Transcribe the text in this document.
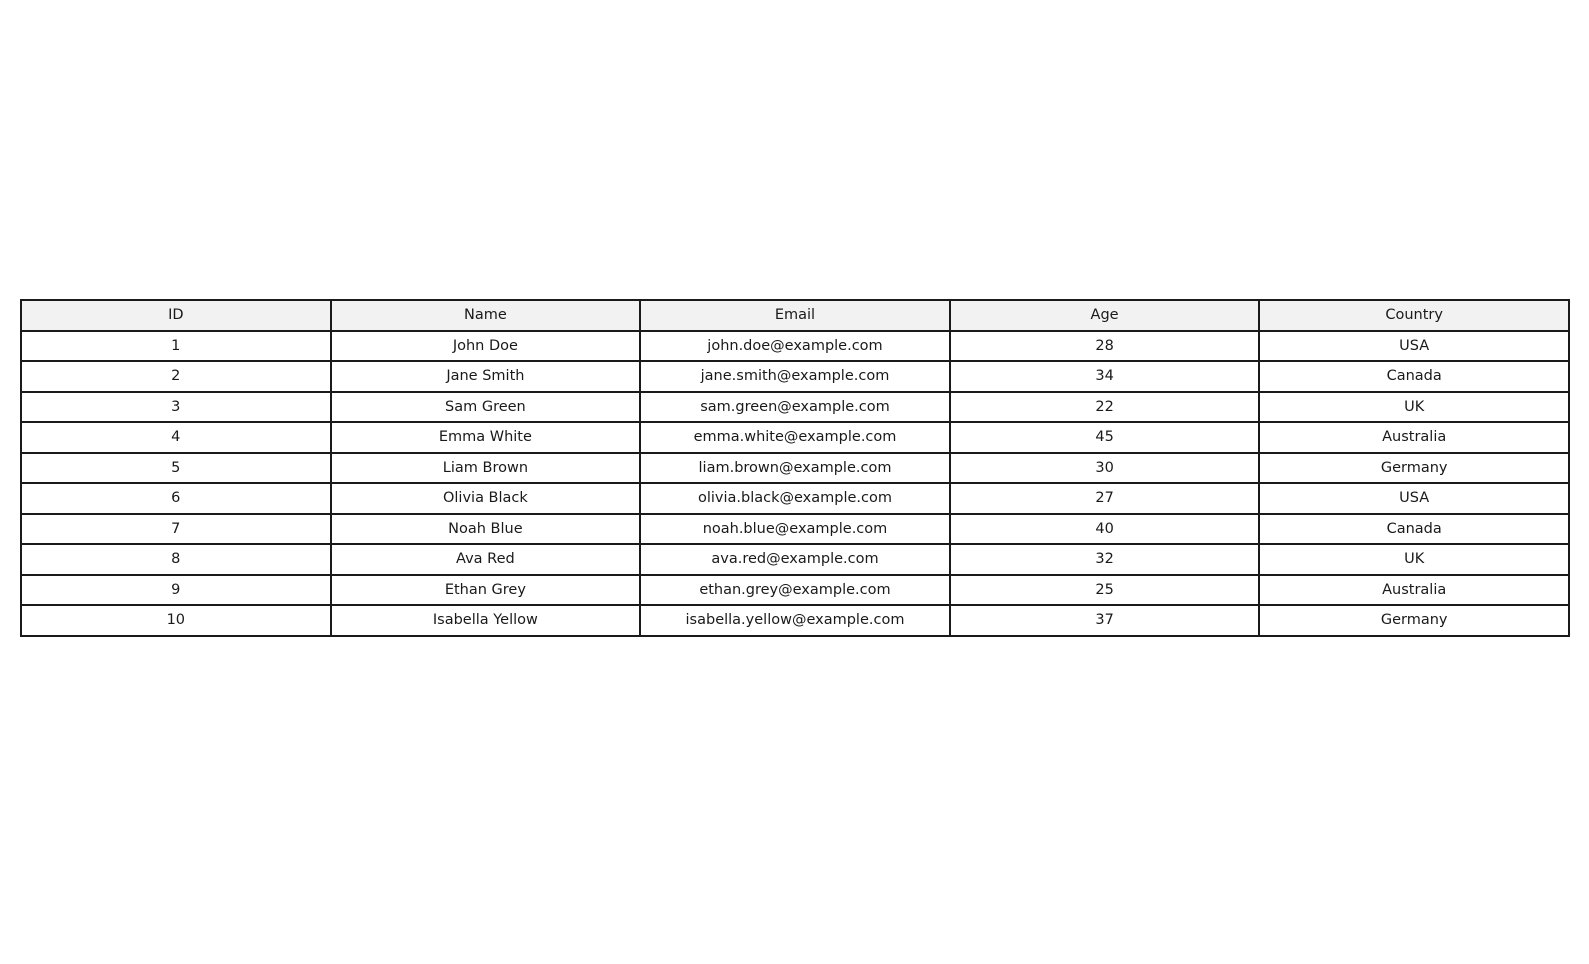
ID	Name	Email	Age	Country
1	John Doe	john.doe@example.com	28	USA
2	Jane Smith	jane.smith@example.com	34	Canada
3	Sam Green	sam.green@example.com	22	UK
4	Emma White	emma.white@example.com	45	Australia
5	Liam Brown	liam.brown@example.com	30	Germany
6	Olivia Black	olivia.black@example.com	27	USA
7	Noah Blue	noah.blue@example.com	40	Canada
8	Ava Red	ava.red@example.com	32	UK
9	Ethan Grey	ethan.grey@example.com	25	Australia
10	Isabella Yellow	isabella.yellow@example.com	37	Germany
